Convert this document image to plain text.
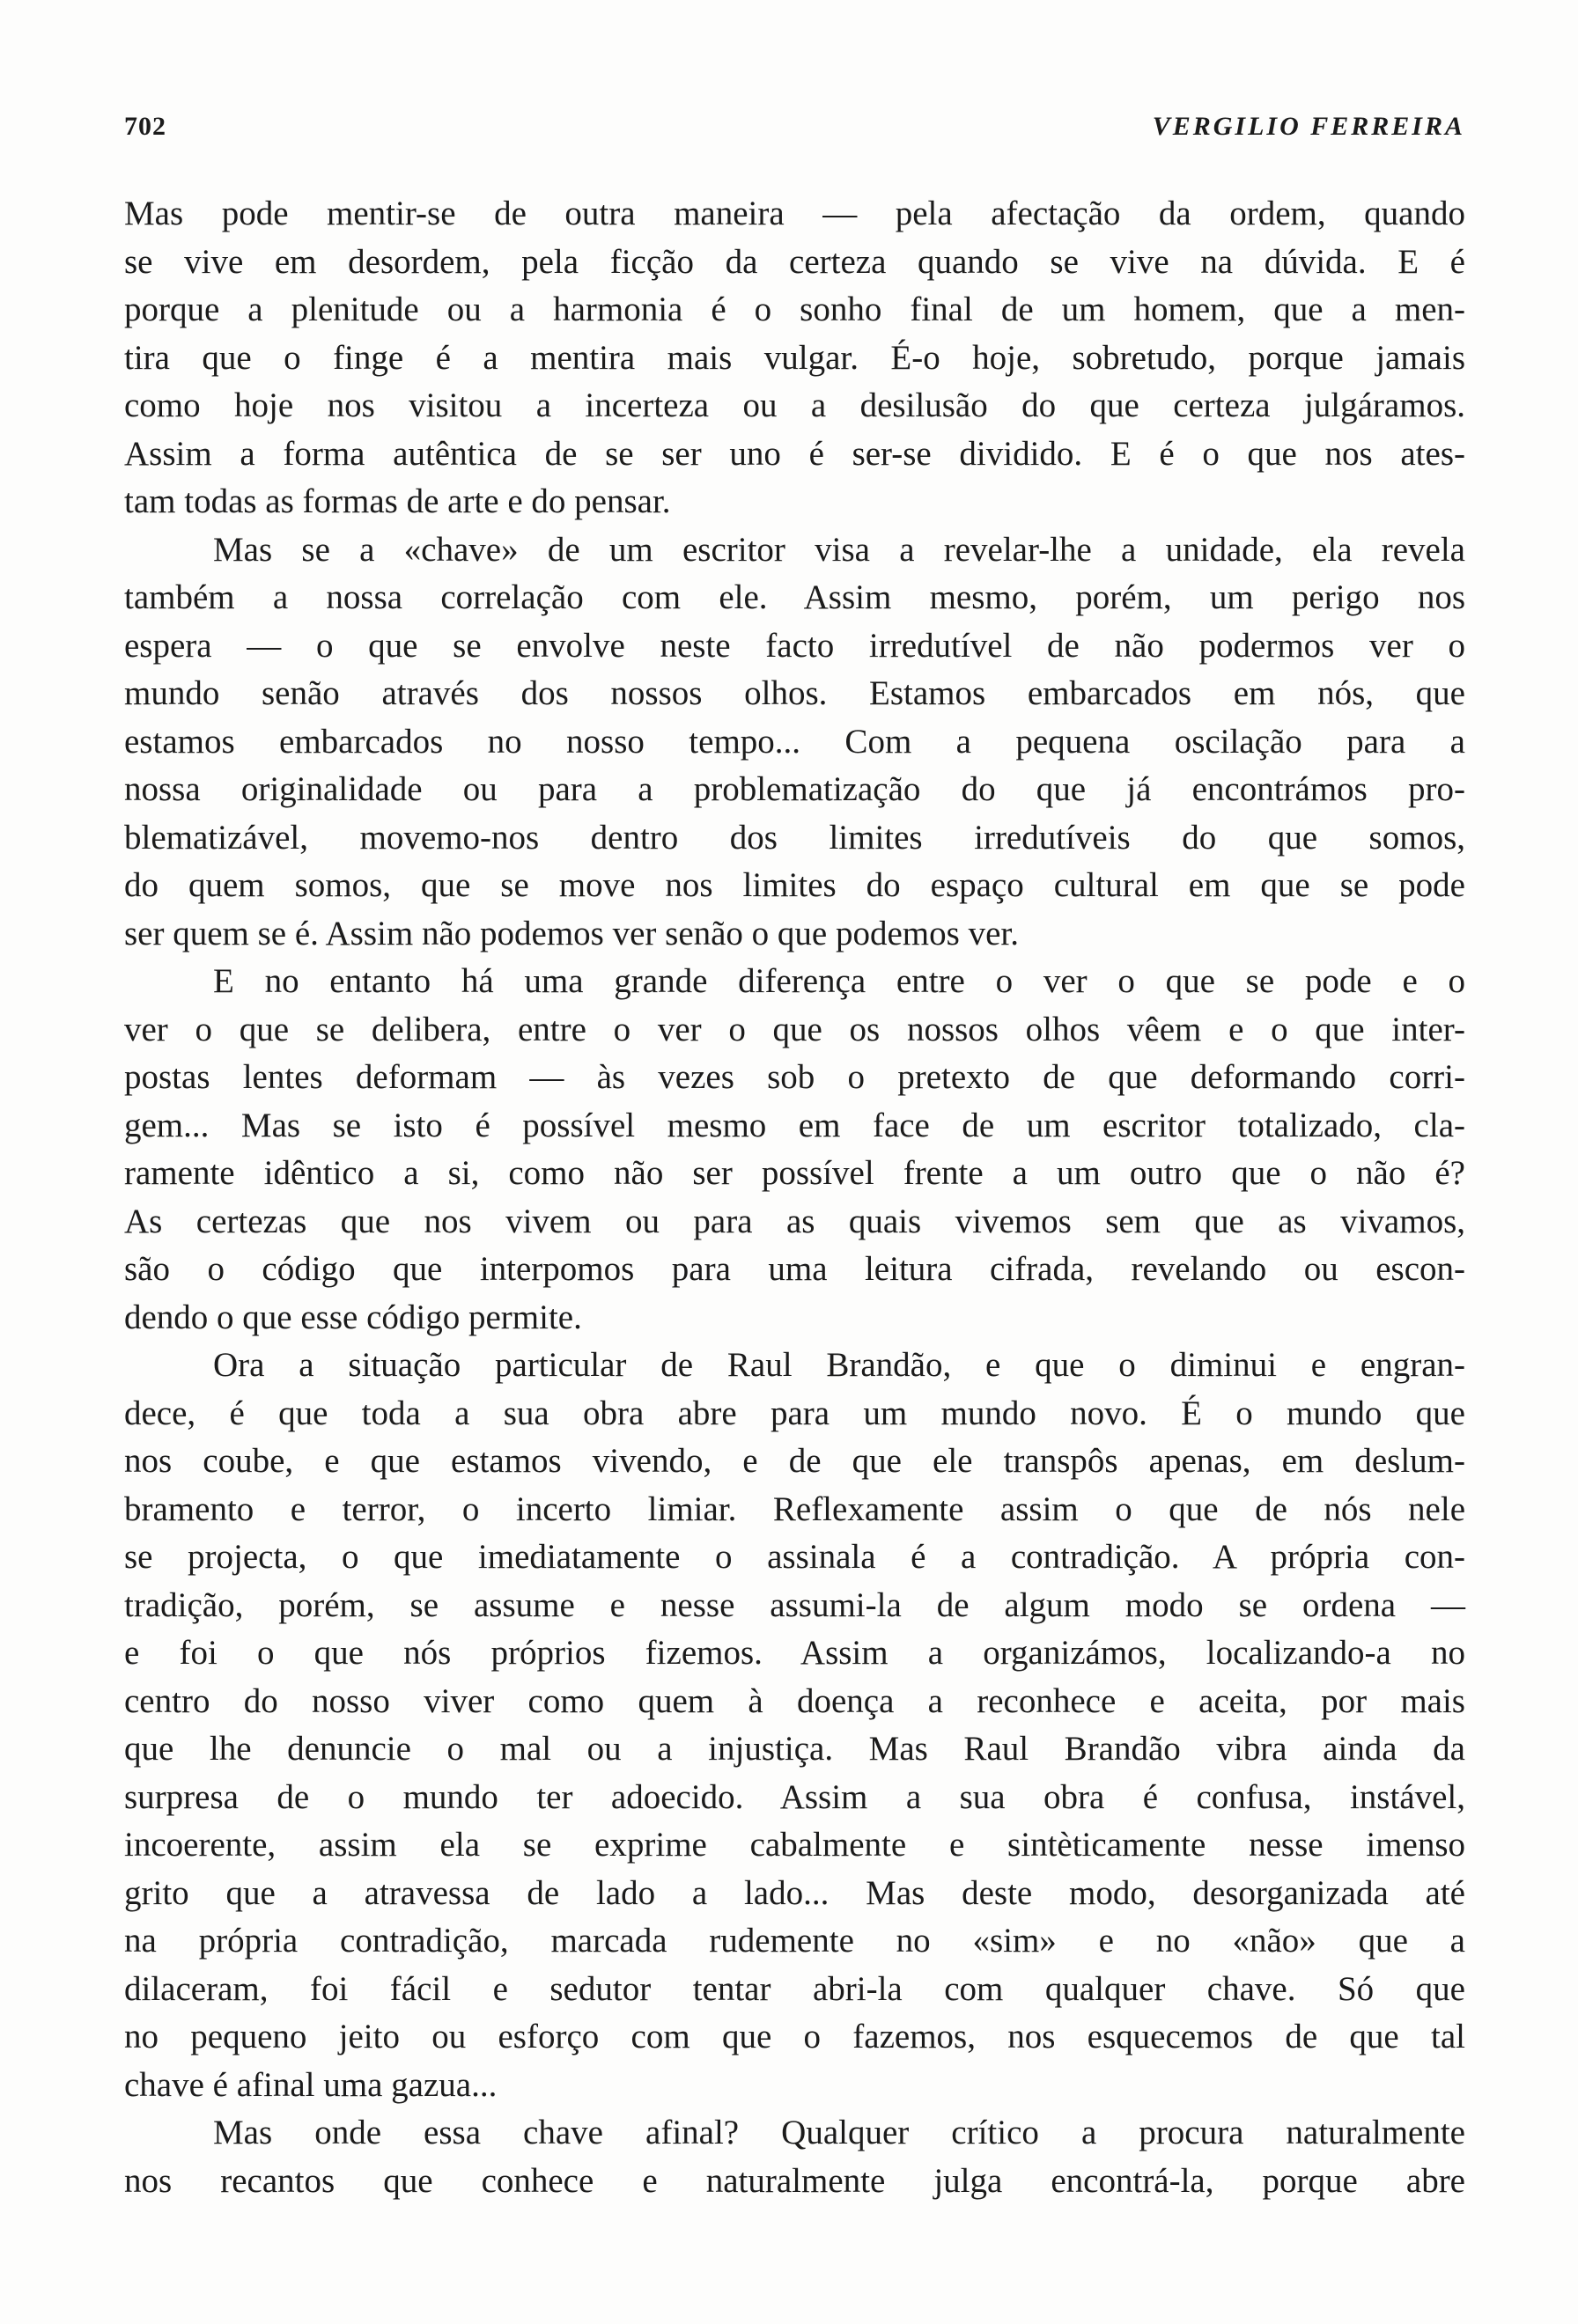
702	VERGILIO FERREIRA
Mas pode mentir-se de outra maneira — pela afectação da ordem, quando
se vive em desordem, pela ficção da certeza quando se vive na dúvida. E é
porque a plenitude ou a harmonia é o sonho final de um homem, que a men-
tira que o finge é a mentira mais vulgar. É-o hoje, sobretudo, porque jamais
como hoje nos visitou a incerteza ou a desilusão do que certeza julgáramos.
Assim a forma autêntica de se ser uno é ser-se dividido. E é o que nos ates-
tam todas as formas de arte e do pensar.
Mas se a «chave» de um escritor visa a revelar-lhe a unidade, ela revela
também a nossa correlação com ele. Assim mesmo, porém, um perigo nos
espera — o que se envolve neste facto irredutível de não podermos ver o
mundo senão através dos nossos olhos. Estamos embarcados em nós, que
estamos embarcados no nosso tempo... Com a pequena oscilação para a
nossa originalidade ou para a problematização do que já encontrámos pro-
blematizável, movemo-nos dentro dos limites irredutíveis do que somos,
do quem somos, que se move nos limites do espaço cultural em que se pode
ser quem se é. Assim não podemos ver senão o que podemos ver.
E no entanto há uma grande diferença entre o ver o que se pode e o
ver o que se delibera, entre o ver o que os nossos olhos vêem e o que inter-
postas lentes deformam — às vezes sob o pretexto de que deformando corri-
gem... Mas se isto é possível mesmo em face de um escritor totalizado, cla-
ramente idêntico a si, como não ser possível frente a um outro que o não é?
As certezas que nos vivem ou para as quais vivemos sem que as vivamos,
são o código que interpomos para uma leitura cifrada, revelando ou escon-
dendo o que esse código permite.
Ora a situação particular de Raul Brandão, e que o diminui e engran-
dece, é que toda a sua obra abre para um mundo novo. É o mundo que
nos coube, e que estamos vivendo, e de que ele transpôs apenas, em deslum-
bramento e terror, o incerto limiar. Reflexamente assim o que de nós nele
se projecta, o que imediatamente o assinala é a contradição. A própria con-
tradição, porém, se assume e nesse assumi-la de algum modo se ordena —
e foi o que nós próprios fizemos. Assim a organizámos, localizando-a no
centro do nosso viver como quem à doença a reconhece e aceita, por mais
que lhe denuncie o mal ou a injustiça. Mas Raul Brandão vibra ainda da
surpresa de o mundo ter adoecido. Assim a sua obra é confusa, instável,
incoerente, assim ela se exprime cabalmente e sintèticamente nesse imenso
grito que a atravessa de lado a lado... Mas deste modo, desorganizada até
na própria contradição, marcada rudemente no «sim» e no «não» que a
dilaceram, foi fácil e sedutor tentar abri-la com qualquer chave. Só que
no pequeno jeito ou esforço com que o fazemos, nos esquecemos de que tal
chave é afinal uma gazua...
Mas onde essa chave afinal? Qualquer crítico a procura naturalmente
nos recantos que conhece e naturalmente julga encontrá-la, porque abre
